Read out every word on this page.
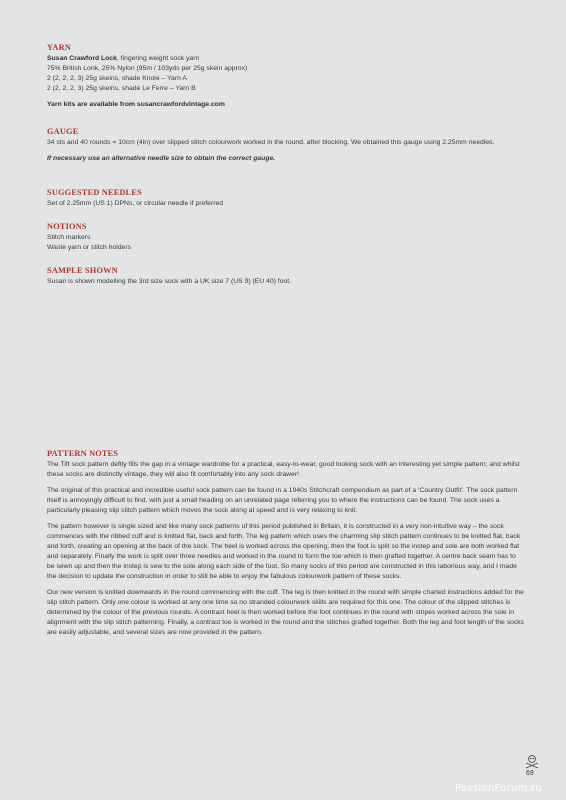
YARN
Susan Crawford Lock, fingering weight sock yarn
75% British Lonk, 25% Nylon (95m / 103yds per 25g skein approx)
2 (2, 2, 2, 3) 25g skeins, shade Knole – Yarn A
2 (2, 2, 2, 3) 25g skeins, shade Le Ferre – Yarn B
Yarn kits are available from susancrawfordvintage.com
GAUGE
34 sts and 40 rounds = 10cm (4in) over slipped stitch colourwork worked in the round, after blocking. We obtained this gauge using 2.25mm needles.
If necessary use an alternative needle size to obtain the correct gauge.
SUGGESTED NEEDLES
Set of 2.25mm (US 1) DPNs, or circular needle if preferred
NOTIONS
Stitch markers
Waste yarn or stitch holders
SAMPLE SHOWN
Susan is shown modelling the 3rd size sock with a UK size 7 (US 9) (EU 40) foot.
PATTERN NOTES
The Tift sock pattern deftly fills the gap in a vintage wardrobe for a practical, easy-to-wear, good looking sock with an interesting yet simple pattern; and whilst these socks are distinctly vintage, they will also fit comfortably into any sock drawer!
The original of this practical and incredible useful sock pattern can be found in a 1940s Stitchcraft compendium as part of a ‘Country Outfit’. The sock pattern itself is annoyingly difficult to find, with just a small heading on an unrelated page referring you to where the instructions can be found. The sock uses a particularly pleasing slip stitch pattern which moves the sock along at speed and is very relaxing to knit.
The pattern however is single sized and like many sock patterns of this period published in Britain, it is constructed in a very non-intuitive way – the sock commences with the ribbed cuff and is knitted flat, back and forth. The leg pattern which uses the charming slip stitch pattern continues to be knitted flat, back and forth, creating an opening at the back of the sock. The heel is worked across the opening; then the foot is split so the instep and sole are both worked flat and separately. Finally the work is split over three needles and worked in the round to form the toe which is then grafted together. A centre back seam has to be sewn up and then the instep is sew to the sole along each side of the foot. So many socks of this period are constructed in this laborious way, and I made the decision to update the construction in order to still be able to enjoy the fabulous colourwork pattern of these socks.
Our new version is knitted downwards in the round commencing with the cuff. The leg is then knitted in the round with simple charted instructions added for the slip stitch pattern. Only one colour is worked at any one time so no stranded colourwork skills are required for this one. The colour of the slipped stitches is determined by the colour of the previous rounds. A contrast heel is then worked before the foot continues in the round with stripes worked across the sole in alignment with the slip stitch patterning. Finally, a contrast toe is worked in the round and the stitches grafted together. Both the leg and foot length of the socks are easily adjustable, and several sizes are now provided in the pattern.
69
PassionForum.ru
